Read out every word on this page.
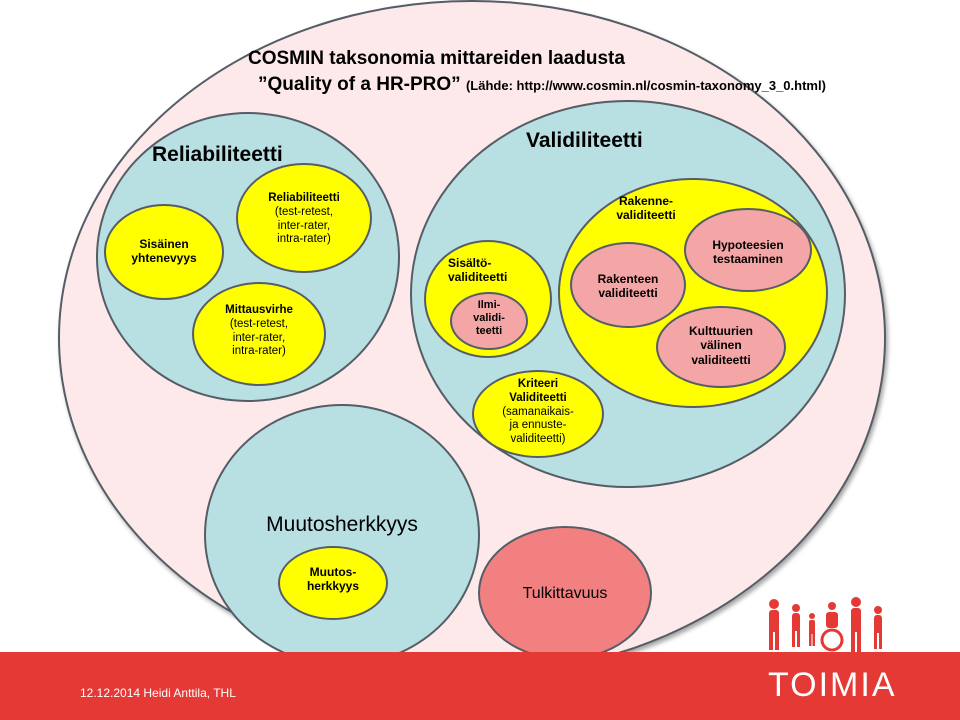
COSMIN taksonomia mittareiden laadusta
”Quality of a HR-PRO” (Lähde: http://www.cosmin.nl/cosmin-taxonomy_3_0.html)
Reliabiliteetti
Sisäinen
yhtenevyys
Reliabiliteetti
(test-retest,
inter-rater,
intra-rater)
Mittausvirhe
(test-retest,
inter-rater,
intra-rater)
Validiliteetti
Sisältö-
validiteetti
Ilmi-
validi-
teetti
Rakenne-
validiteetti
Rakenteen
validiteetti
Hypoteesien
testaaminen
Kulttuurien
välinen
validiteetti
Kriteeri
Validiteetti
(samanaikais-
ja ennuste-
validiteetti)
Muutosherkkyys
Muutos-
herkkyys	Tulkittavuus
12.12.2014 Heidi Anttila, THL	TOIMIA
